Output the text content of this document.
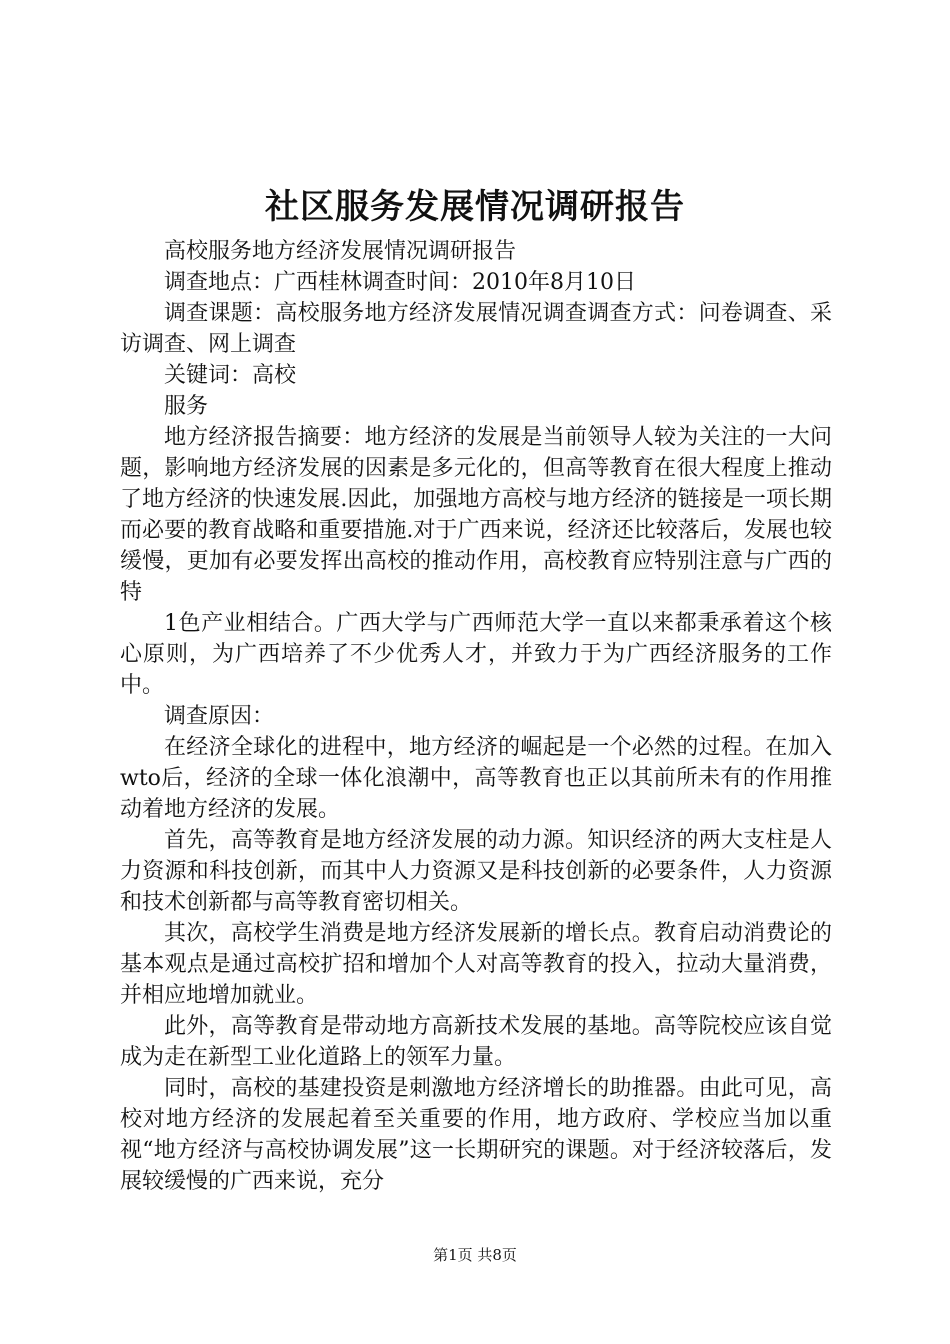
社区服务发展情况调研报告

高校服务地方经济发展情况调研报告

调查地点：广西桂林调查时间：2010年8月10日

调查课题：高校服务地方经济发展情况调查调查方式：问卷调查、采访调查、网上调查

关键词：高校

服务

地方经济报告摘要：地方经济的发展是当前领导人较为关注的一大问题，影响地方经济发展的因素是多元化的，但高等教育在很大程度上推动了地方经济的快速发展.因此，加强地方高校与地方经济的链接是一项长期而必要的教育战略和重要措施.对于广西来说，经济还比较落后，发展也较缓慢，更加有必要发挥出高校的推动作用，高校教育应特别注意与广西的特

1色产业相结合。广西大学与广西师范大学一直以来都秉承着这个核心原则，为广西培养了不少优秀人才，并致力于为广西经济服务的工作中。

调查原因：

在经济全球化的进程中，地方经济的崛起是一个必然的过程。在加入wto后，经济的全球一体化浪潮中，高等教育也正以其前所未有的作用推动着地方经济的发展。

首先，高等教育是地方经济发展的动力源。知识经济的两大支柱是人力资源和科技创新，而其中人力资源又是科技创新的必要条件，人力资源和技术创新都与高等教育密切相关。

其次，高校学生消费是地方经济发展新的增长点。教育启动消费论的基本观点是通过高校扩招和增加个人对高等教育的投入，拉动大量消费，并相应地增加就业。

此外，高等教育是带动地方高新技术发展的基地。高等院校应该自觉成为走在新型工业化道路上的领军力量。

同时，高校的基建投资是刺激地方经济增长的助推器。由此可见，高校对地方经济的发展起着至关重要的作用，地方政府、学校应当加以重视“地方经济与高校协调发展”这一长期研究的课题。对于经济较落后，发展较缓慢的广西来说，充分

第1页 共8页
